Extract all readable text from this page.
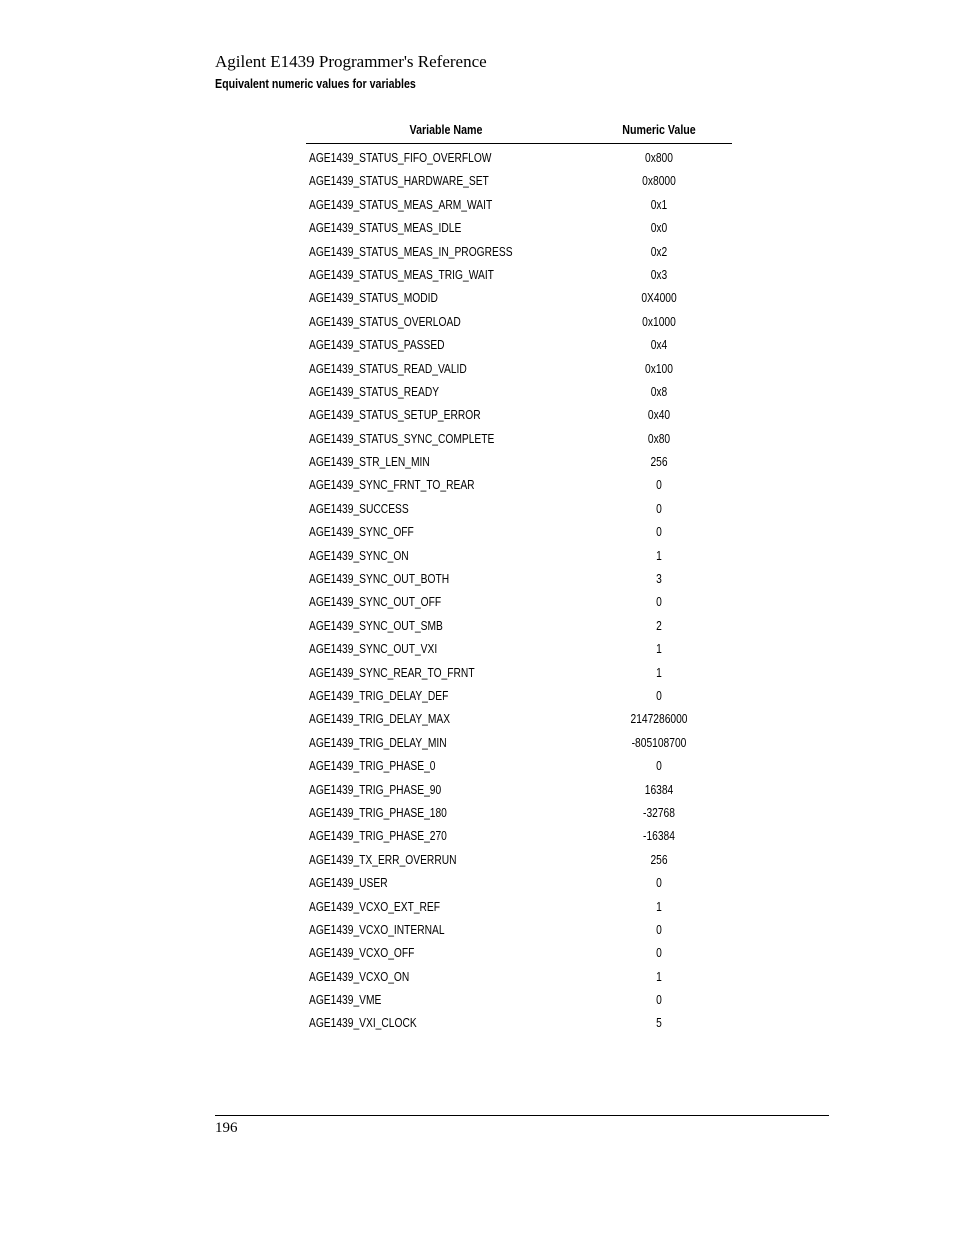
Agilent E1439 Programmer's Reference
Equivalent numeric values for variables
Variable Name	Numeric Value
AGE1439_STATUS_FIFO_OVERFLOW	0x800
AGE1439_STATUS_HARDWARE_SET	0x8000
AGE1439_STATUS_MEAS_ARM_WAIT	0x1
AGE1439_STATUS_MEAS_IDLE	0x0
AGE1439_STATUS_MEAS_IN_PROGRESS	0x2
AGE1439_STATUS_MEAS_TRIG_WAIT	0x3
AGE1439_STATUS_MODID	0X4000
AGE1439_STATUS_OVERLOAD	0x1000
AGE1439_STATUS_PASSED	0x4
AGE1439_STATUS_READ_VALID	0x100
AGE1439_STATUS_READY	0x8
AGE1439_STATUS_SETUP_ERROR	0x40
AGE1439_STATUS_SYNC_COMPLETE	0x80
AGE1439_STR_LEN_MIN	256
AGE1439_SYNC_FRNT_TO_REAR	0
AGE1439_SUCCESS	0
AGE1439_SYNC_OFF	0
AGE1439_SYNC_ON	1
AGE1439_SYNC_OUT_BOTH	3
AGE1439_SYNC_OUT_OFF	0
AGE1439_SYNC_OUT_SMB	2
AGE1439_SYNC_OUT_VXI	1
AGE1439_SYNC_REAR_TO_FRNT	1
AGE1439_TRIG_DELAY_DEF	0
AGE1439_TRIG_DELAY_MAX	2147286000
AGE1439_TRIG_DELAY_MIN	-805108700
AGE1439_TRIG_PHASE_0	0
AGE1439_TRIG_PHASE_90	16384
AGE1439_TRIG_PHASE_180	-32768
AGE1439_TRIG_PHASE_270	-16384
AGE1439_TX_ERR_OVERRUN	256
AGE1439_USER	0
AGE1439_VCXO_EXT_REF	1
AGE1439_VCXO_INTERNAL	0
AGE1439_VCXO_OFF	0
AGE1439_VCXO_ON	1
AGE1439_VME	0
AGE1439_VXI_CLOCK	5
196
